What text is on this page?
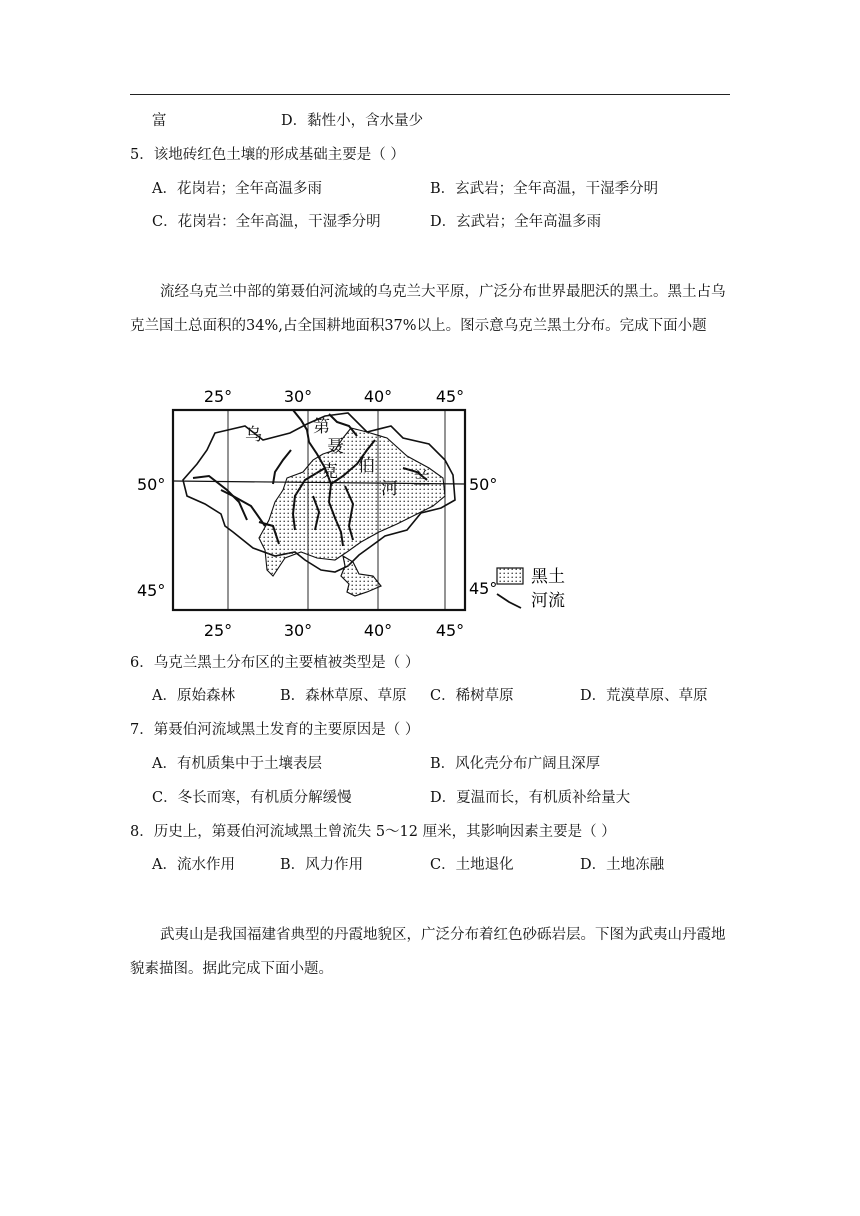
富	D．黏性小，含水量少
5．该地砖红色土壤的形成基础主要是（ ）
A．花岗岩；全年高温多雨	B．玄武岩；全年高温，干湿季分明
C．花岗岩：全年高温，干湿季分明	D．玄武岩；全年高温多雨
流经乌克兰中部的第聂伯河流域的乌克兰大平原，广泛分布世界最肥沃的黑土。黑土占乌克兰国土总面积的34%,占全国耕地面积37%以上。图示意乌克兰黑土分布。完成下面小题
25°	30°	40°	45°
25°	30°	40°	45°
50°
45°
50°
45°
乌	第
聂
克 伯
河 兰
黑土
河流
6．乌克兰黑土分布区的主要植被类型是（ ）
A．原始森林	B．森林草原、草原 C．稀树草原	D．荒漠草原、草原
7．第聂伯河流域黑土发育的主要原因是（ ）
A．有机质集中于土壤表层	B．风化壳分布广阔且深厚
C．冬长而寒，有机质分解缓慢	D．夏温而长，有机质补给量大
8．历史上，第聂伯河流域黑土曾流失 5～12 厘米，其影响因素主要是（ ）
A．流水作用	B．风力作用	C．土地退化	D．土地冻融
武夷山是我国福建省典型的丹霞地貌区，广泛分布着红色砂砾岩层。下图为武夷山丹霞地貌素描图。据此完成下面小题。
